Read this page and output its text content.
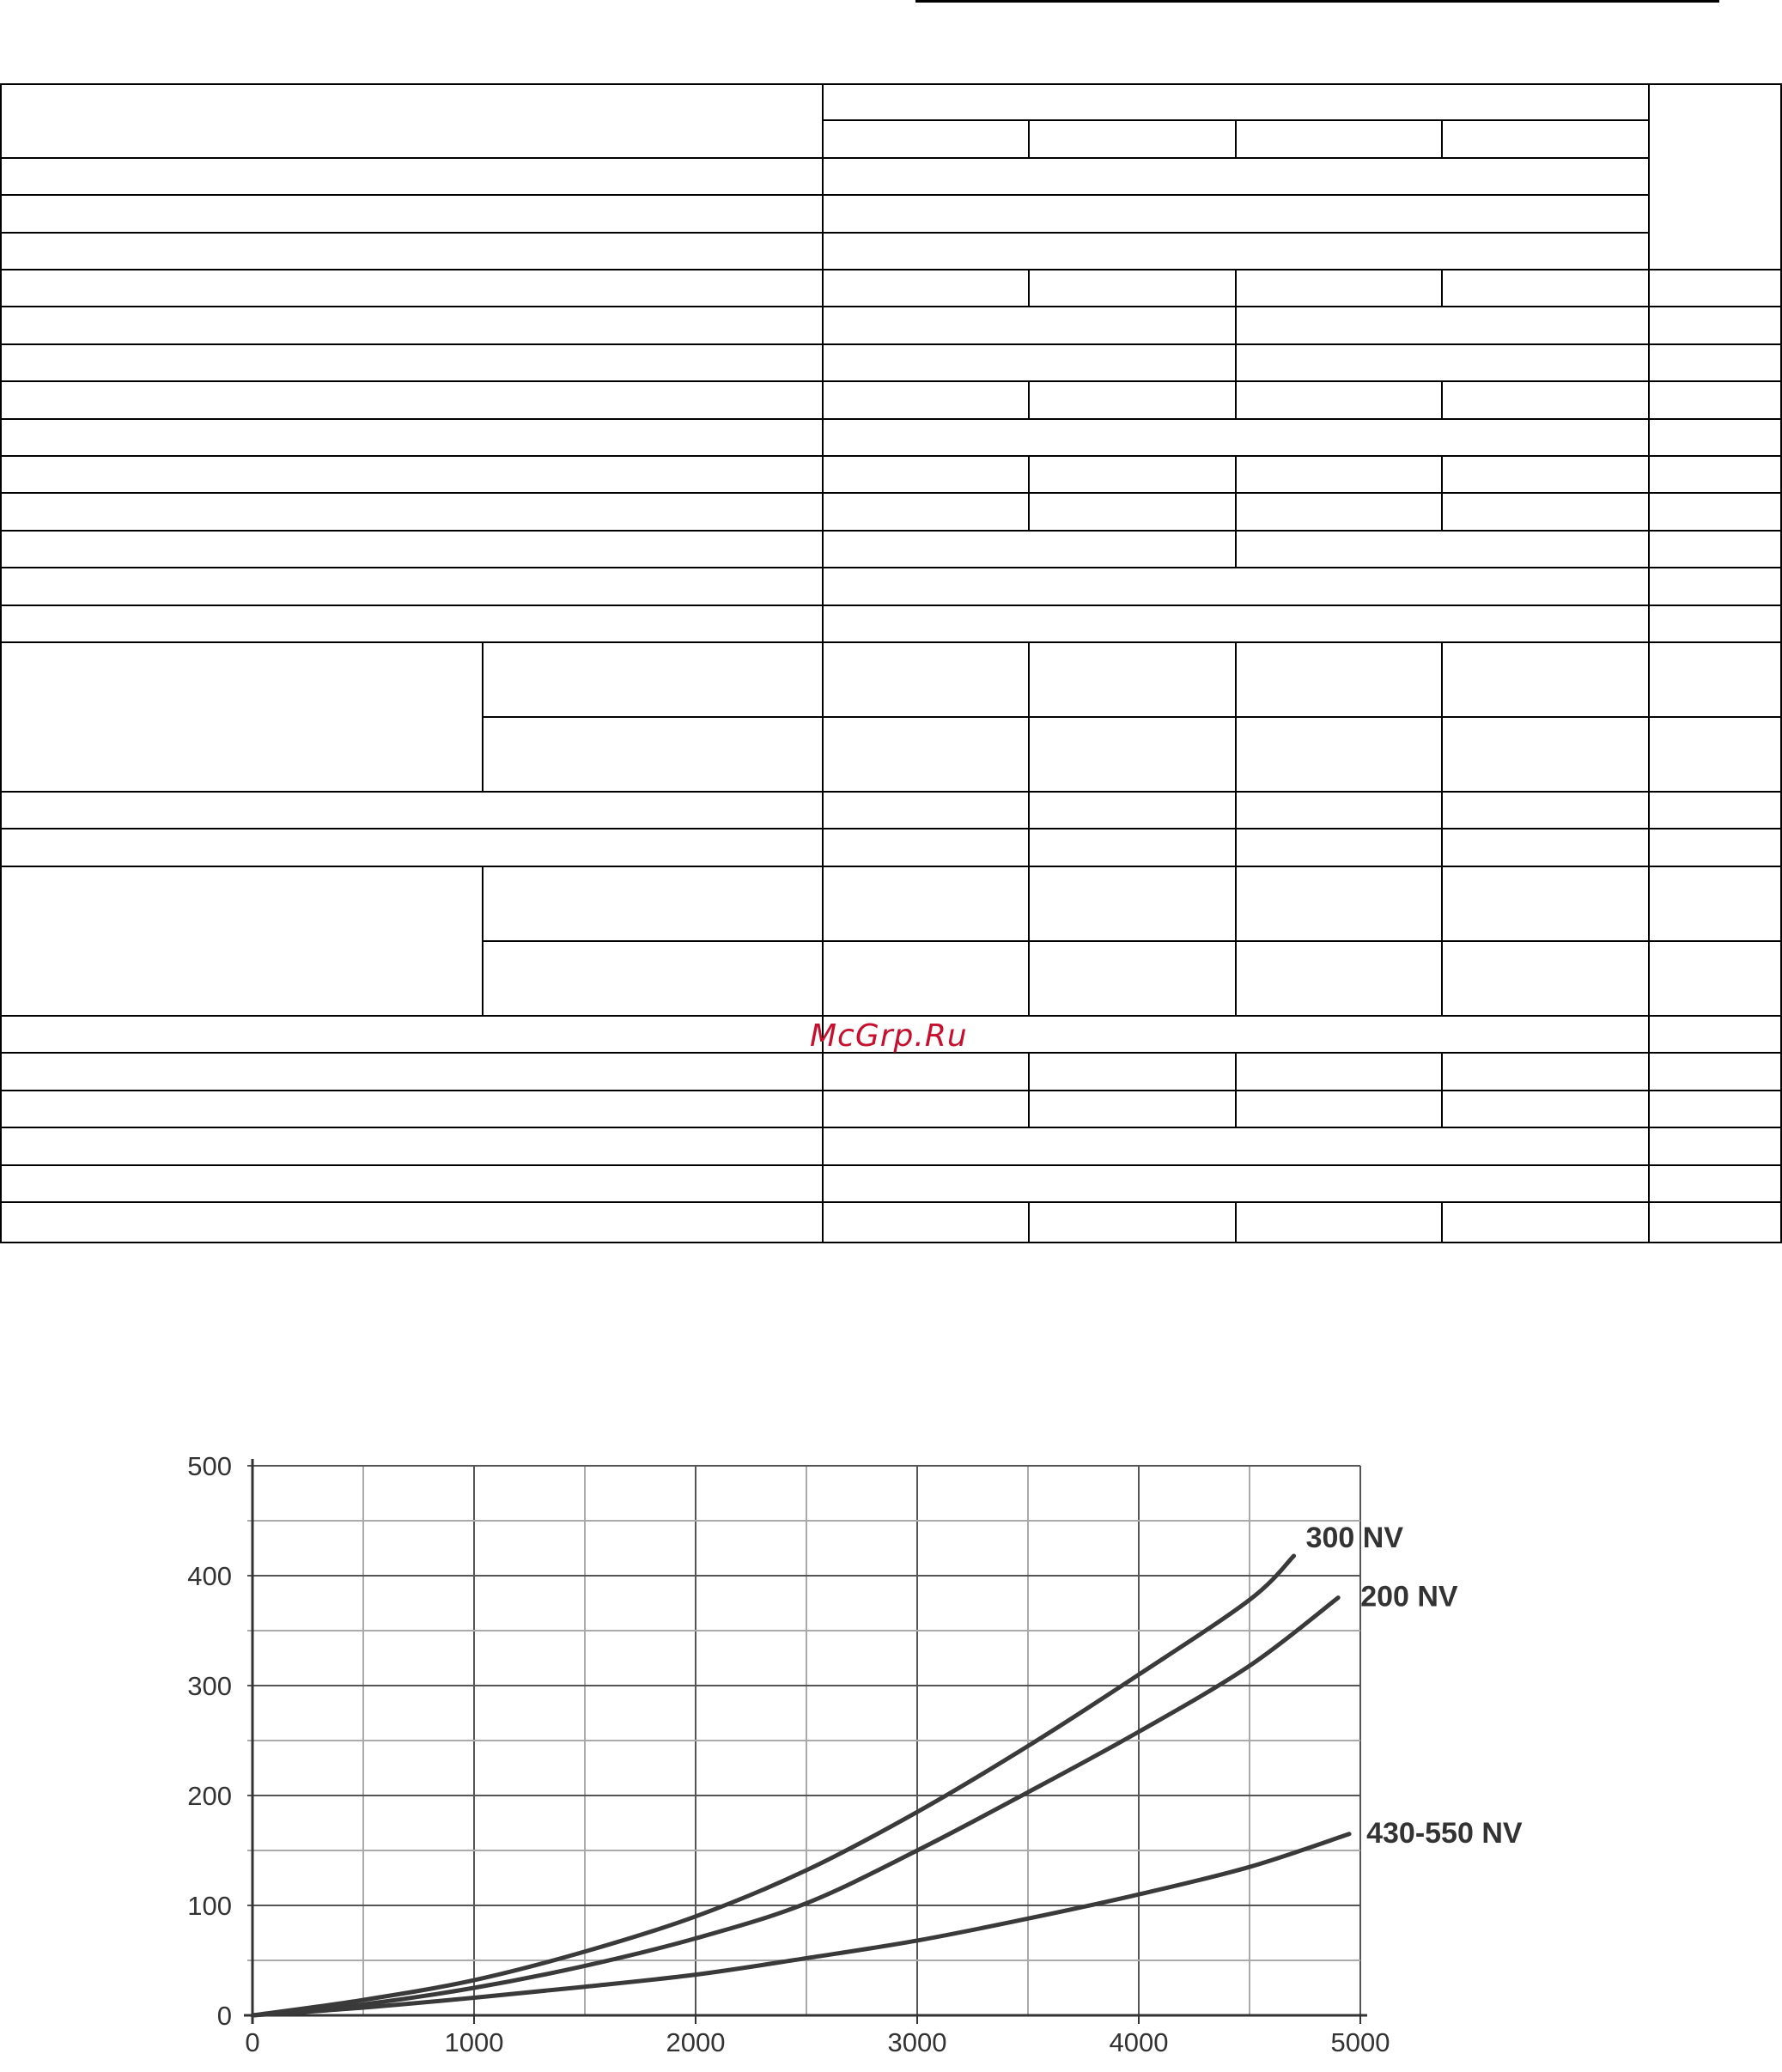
McGrp.Ru
0	1000	2000	3000	4000	5000
0
100
200
300
400
500
300 NV
200 NV
430-550 NV
